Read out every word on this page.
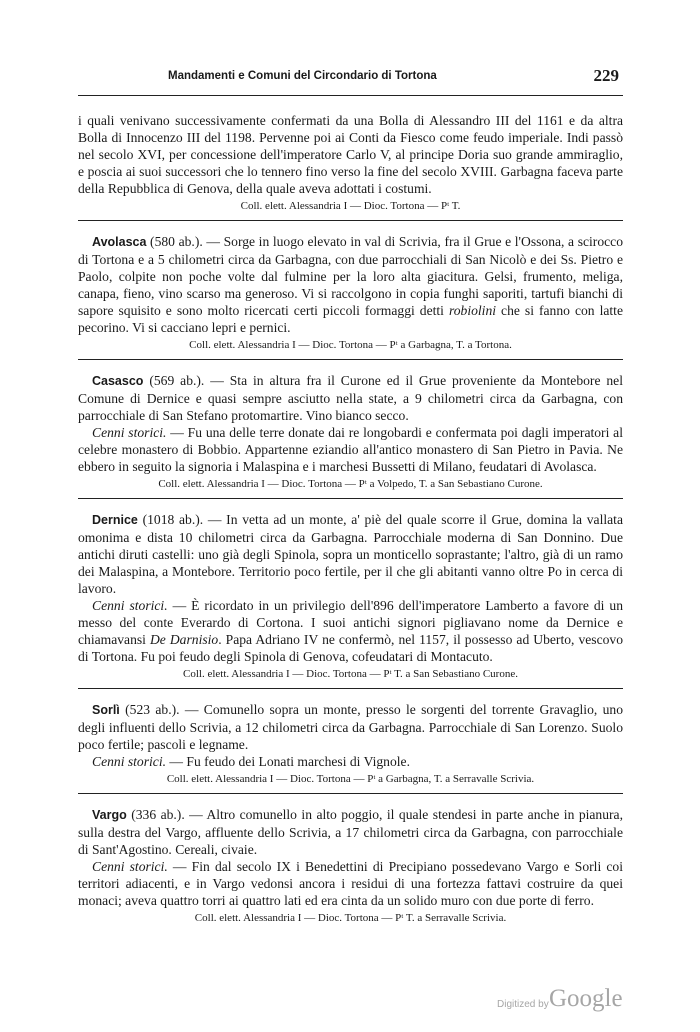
Mandamenti e Comuni del Circondario di Tortona	229

i quali venivano successivamente confermati da una Bolla di Alessandro III del 1161 e da altra Bolla di Innocenzo III del 1198. Pervenne poi ai Conti da Fiesco come feudo imperiale. Indi passò nel secolo XVI, per concessione dell'imperatore Carlo V, al principe Doria suo grande ammiraglio, e poscia ai suoi successori che lo tennero fino verso la fine del secolo XVIII. Garbagna faceva parte della Repubblica di Genova, della quale aveva adottati i costumi.

Coll. elett. Alessandria I — Dioc. Tortona — Pᵗ T.

Avolasca (580 ab.). — Sorge in luogo elevato in val di Scrivia, fra il Grue e l'Ossona, a scirocco di Tortona e a 5 chilometri circa da Garbagna, con due parrocchiali di San Nicolò e dei Ss. Pietro e Paolo, colpite non poche volte dal fulmine per la loro alta giacitura. Gelsi, frumento, meliga, canapa, fieno, vino scarso ma generoso. Vi si raccolgono in copia funghi saporiti, tartufi bianchi di sapore squisito e sono molto ricercati certi piccoli formaggi detti robiolini che si fanno con latte pecorino. Vi si cacciano lepri e pernici.

Coll. elett. Alessandria I — Dioc. Tortona — Pᵗ a Garbagna, T. a Tortona.

Casasco (569 ab.). — Sta in altura fra il Curone ed il Grue proveniente da Montebore nel Comune di Dernice e quasi sempre asciutto nella state, a 9 chilometri circa da Garbagna, con parrocchiale di San Stefano protomartire. Vino bianco secco.

Cenni storici. — Fu una delle terre donate dai re longobardi e confermata poi dagli imperatori al celebre monastero di Bobbio. Appartenne eziandio all'antico monastero di San Pietro in Pavia. Ne ebbero in seguito la signoria i Malaspina e i marchesi Bussetti di Milano, feudatari di Avolasca.

Coll. elett. Alessandria I — Dioc. Tortona — Pᵗ a Volpedo, T. a San Sebastiano Curone.

Dernice (1018 ab.). — In vetta ad un monte, a' piè del quale scorre il Grue, domina la vallata omonima e dista 10 chilometri circa da Garbagna. Parrocchiale moderna di San Donnino. Due antichi diruti castelli: uno già degli Spinola, sopra un monticello soprastante; l'altro, già di un ramo dei Malaspina, a Montebore. Territorio poco fertile, per il che gli abitanti vanno oltre Po in cerca di lavoro.

Cenni storici. — È ricordato in un privilegio dell'896 dell'imperatore Lamberto a favore di un messo del conte Everardo di Cortona. I suoi antichi signori pigliavano nome da Dernice e chiamavansi De Darnisio. Papa Adriano IV ne confermò, nel 1157, il possesso ad Uberto, vescovo di Tortona. Fu poi feudo degli Spinola di Genova, cofeudatari di Montacuto.

Coll. elett. Alessandria I — Dioc. Tortona — Pᵗ T. a San Sebastiano Curone.

Sorlì (523 ab.). — Comunello sopra un monte, presso le sorgenti del torrente Gravaglio, uno degli influenti dello Scrivia, a 12 chilometri circa da Garbagna. Parrocchiale di San Lorenzo. Suolo poco fertile; pascoli e legname.

Cenni storici. — Fu feudo dei Lonati marchesi di Vignole.

Coll. elett. Alessandria I — Dioc. Tortona — Pᵗ a Garbagna, T. a Serravalle Scrivia.

Vargo (336 ab.). — Altro comunello in alto poggio, il quale stendesi in parte anche in pianura, sulla destra del Vargo, affluente dello Scrivia, a 17 chilometri circa da Garbagna, con parrocchiale di Sant'Agostino. Cereali, civaie.

Cenni storici. — Fin dal secolo IX i Benedettini di Precipiano possedevano Vargo e Sorli coi territori adiacenti, e in Vargo vedonsi ancora i residui di una fortezza fattavi costruire da quei monaci; aveva quattro torri ai quattro lati ed era cinta da un solido muro con due porte di ferro.

Coll. elett. Alessandria I — Dioc. Tortona — Pᵗ T. a Serravalle Scrivia.

Digitized by Google
